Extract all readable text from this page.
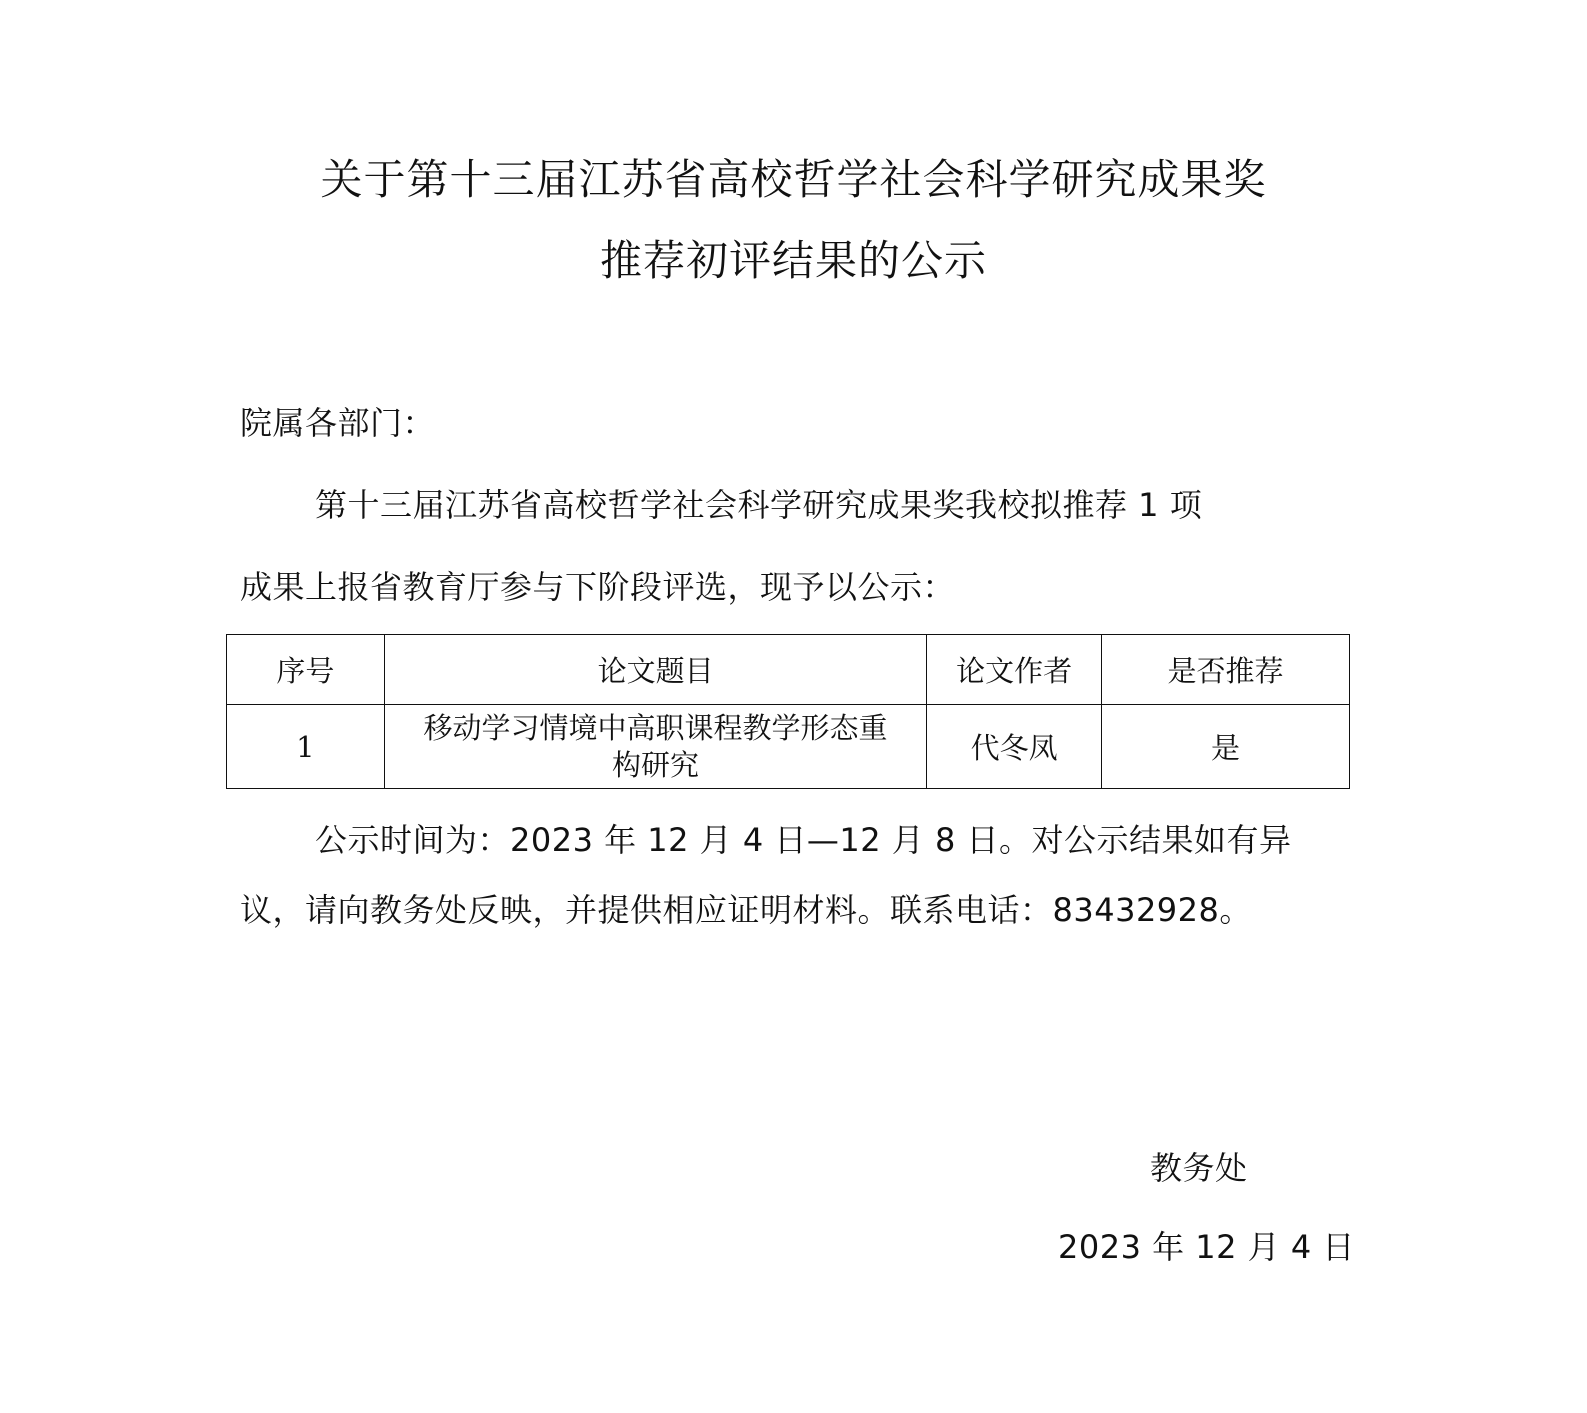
关于第十三届江苏省高校哲学社会科学研究成果奖
推荐初评结果的公示
院属各部门：
第十三届江苏省高校哲学社会科学研究成果奖我校拟推荐 1 项
成果上报省教育厅参与下阶段评选，现予以公示：
序号	论文题目	论文作者	是否推荐
1	移动学习情境中高职课程教学形态重构研究	代冬凤	是
公示时间为：2023 年 12 月 4 日—12 月 8 日。对公示结果如有异
议，请向教务处反映，并提供相应证明材料。联系电话：83432928。
教务处
2023 年 12 月 4 日
